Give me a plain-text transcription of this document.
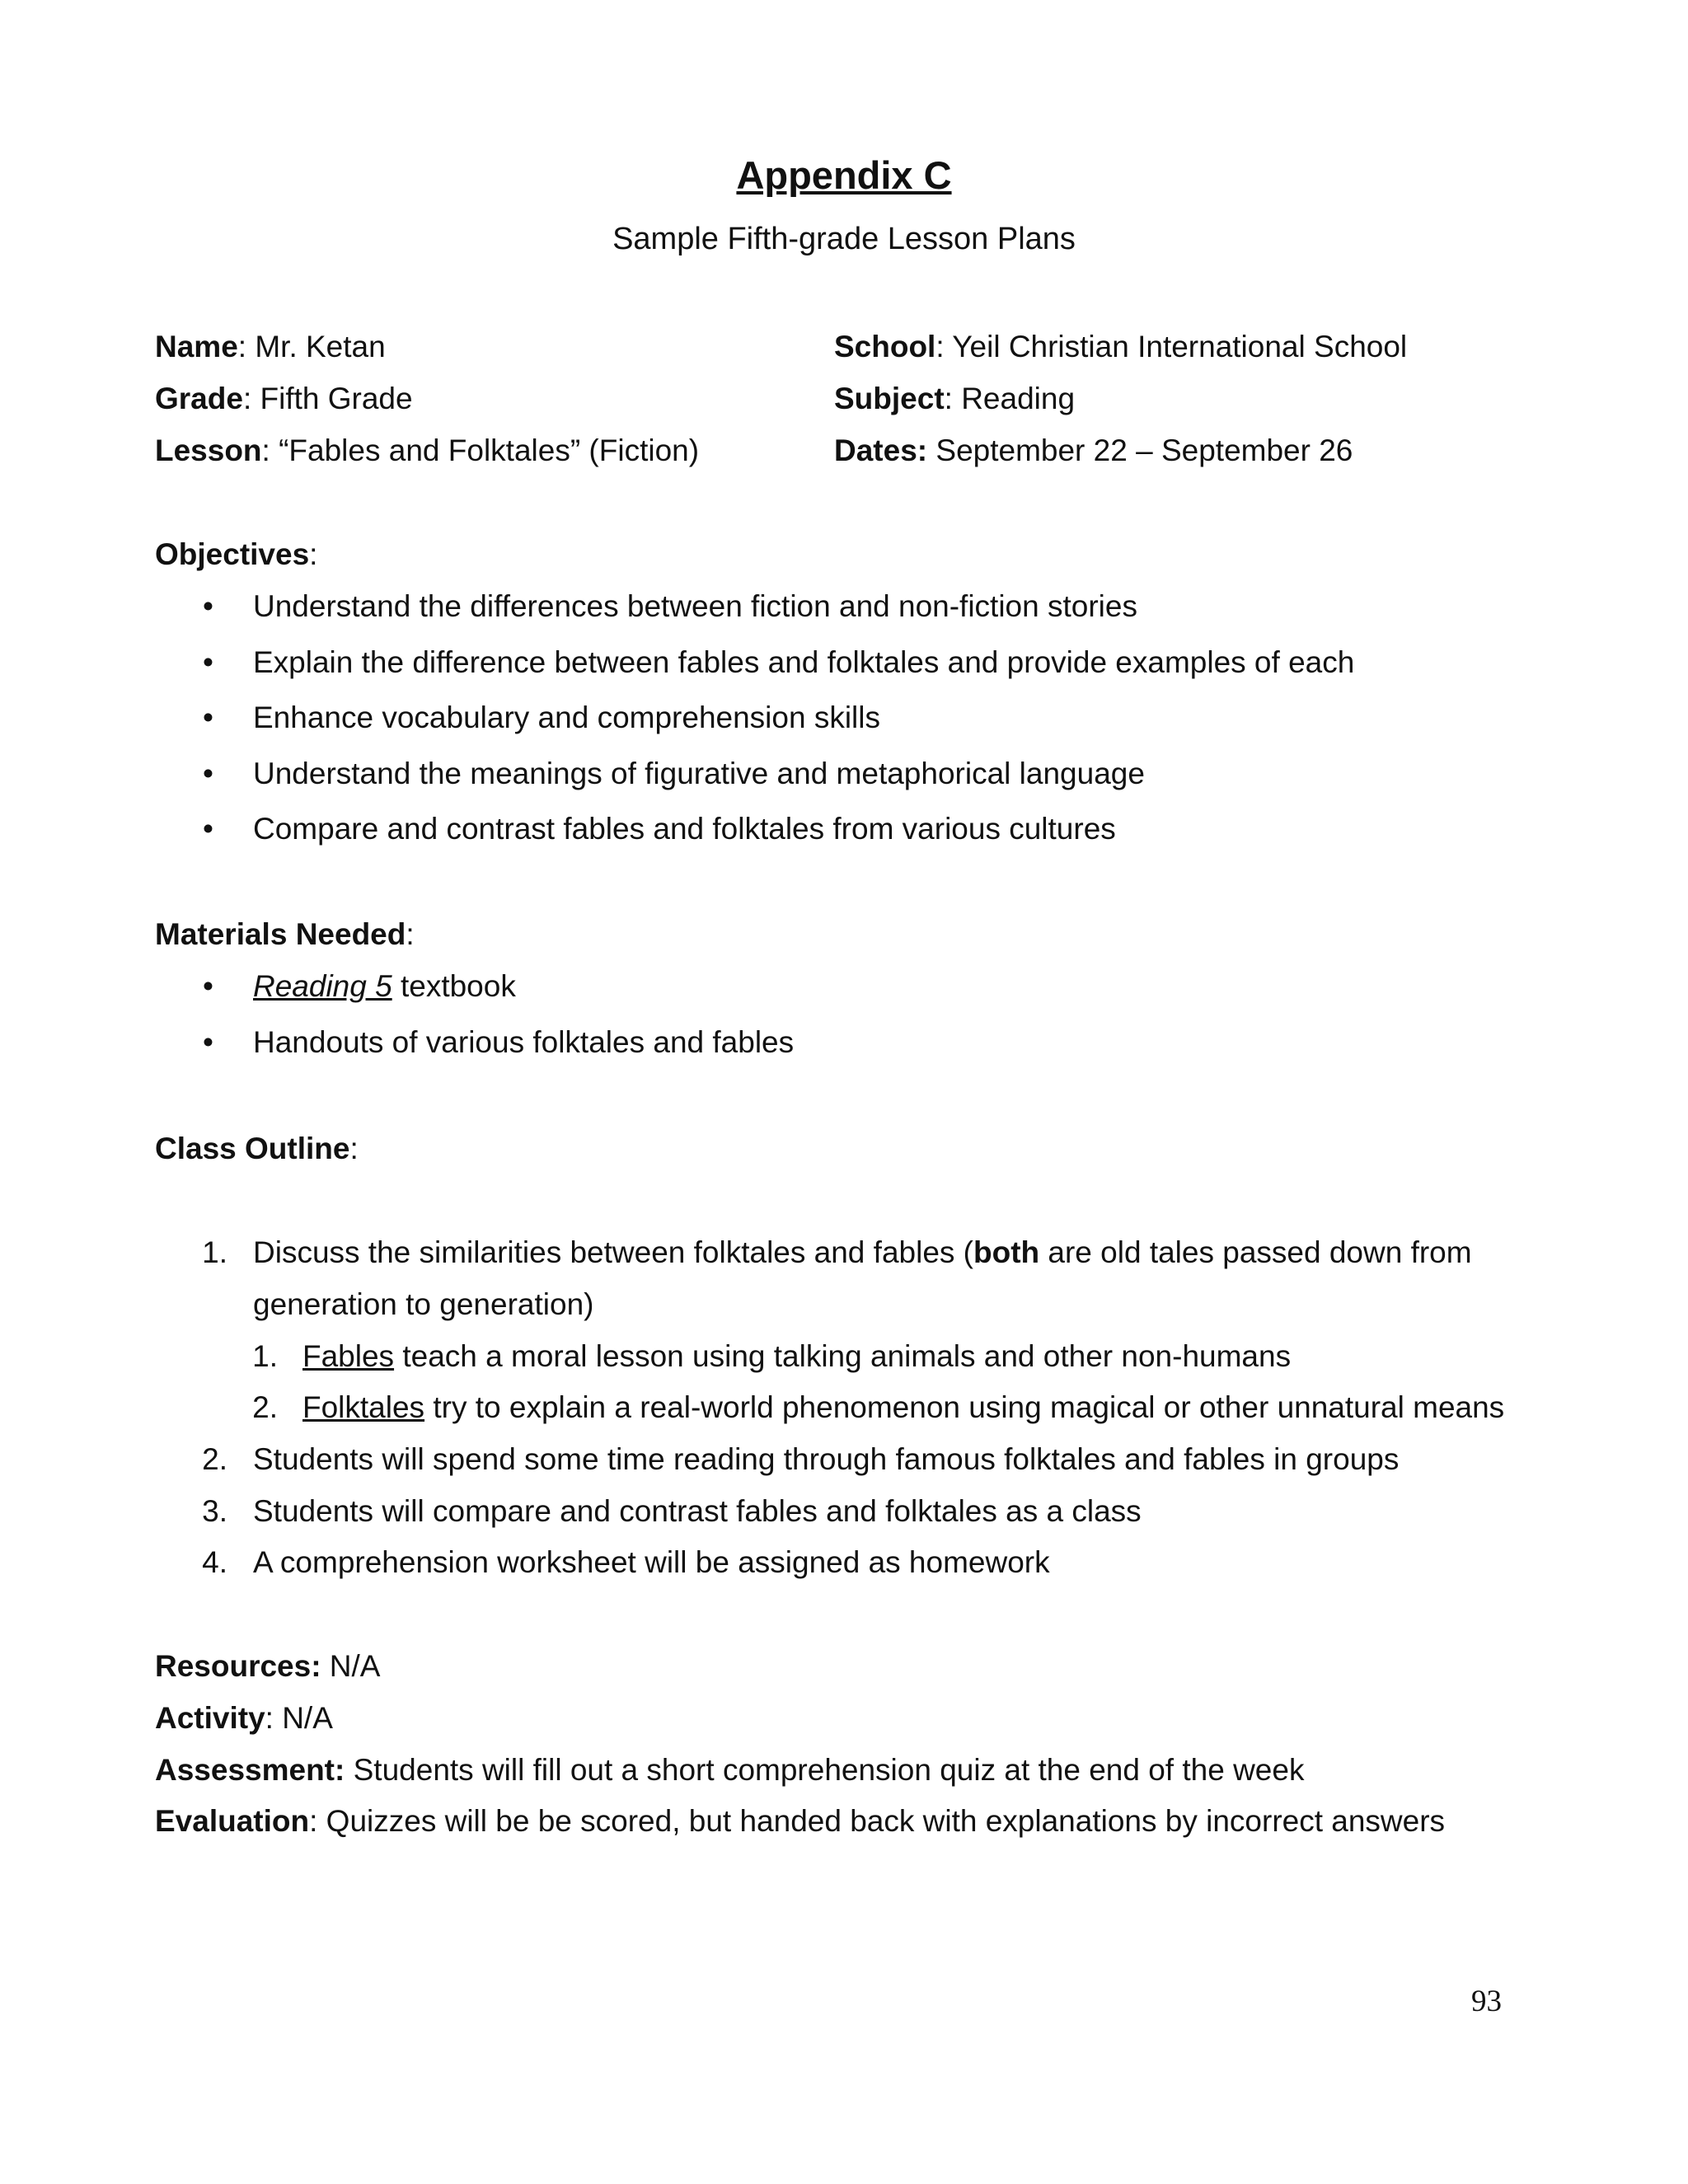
Appendix C
Sample Fifth-grade Lesson Plans
Name: Mr. Ketan
Grade: Fifth Grade
Lesson: “Fables and Folktales” (Fiction)
School: Yeil Christian International School
Subject: Reading
Dates: September 22 – September 26
Objectives:
• Understand the differences between fiction and non-fiction stories
• Explain the difference between fables and folktales and provide examples of each
• Enhance vocabulary and comprehension skills
• Understand the meanings of figurative and metaphorical language
• Compare and contrast fables and folktales from various cultures
Materials Needed:
• Reading 5 textbook
• Handouts of various folktales and fables
Class Outline:
1. Discuss the similarities between folktales and fables (both are old tales passed down from
generation to generation)
1. Fables teach a moral lesson using talking animals and other non-humans
2. Folktales try to explain a real-world phenomenon using magical or other unnatural means
2. Students will spend some time reading through famous folktales and fables in groups
3. Students will compare and contrast fables and folktales as a class
4. A comprehension worksheet will be assigned as homework
Resources: N/A
Activity: N/A
Assessment: Students will fill out a short comprehension quiz at the end of the week
Evaluation: Quizzes will be be scored, but handed back with explanations by incorrect answers
93
